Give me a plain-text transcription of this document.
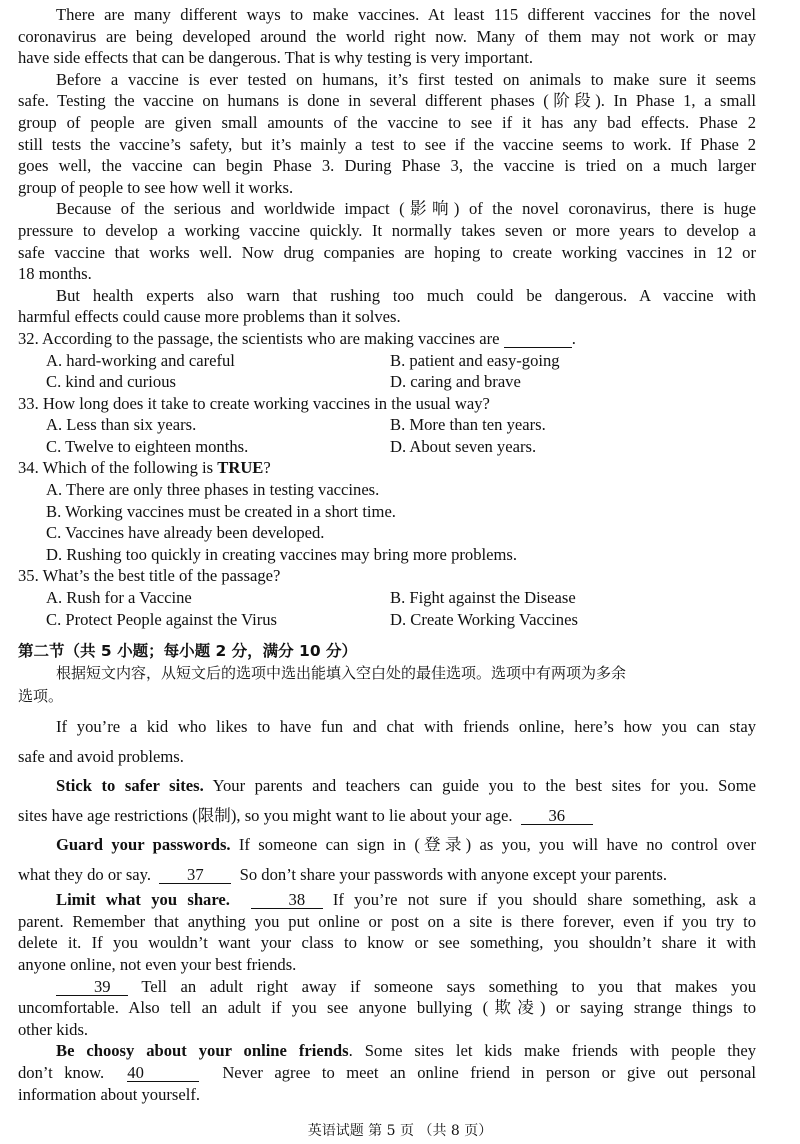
There are many different ways to make vaccines. At least 115 different vaccines for the novel
coronavirus are being developed around the world right now. Many of them may not work or may
have side effects that can be dangerous. That is why testing is very important.
Before a vaccine is ever tested on humans, it’s first tested on animals to make sure it seems
safe. Testing the vaccine on humans is done in several different phases (阶段). In Phase 1, a small
group of people are given small amounts of the vaccine to see if it has any bad effects. Phase 2
still tests the vaccine’s safety, but it’s mainly a test to see if the vaccine seems to work. If Phase 2
goes well, the vaccine can begin Phase 3. During Phase 3, the vaccine is tried on a much larger
group of people to see how well it works.
Because of the serious and worldwide impact (影响) of the novel coronavirus, there is huge
pressure to develop a working vaccine quickly. It normally takes seven or more years to develop a
safe vaccine that works well. Now drug companies are hoping to create working vaccines in 12 or
18 months.
But health experts also warn that rushing too much could be dangerous. A vaccine with
harmful effects could cause more problems than it solves.
32. According to the passage, the scientists who are making vaccines are	.
A. hard-working and careful	B. patient and easy-going
C. kind and curious	D. caring and brave
33. How long does it take to create working vaccines in the usual way?
A. Less than six years.	B. More than ten years.
C. Twelve to eighteen months.	D. About seven years.
34. Which of the following is TRUE?
A. There are only three phases in testing vaccines.
B. Working vaccines must be created in a short time.
C. Vaccines have already been developed.
D. Rushing too quickly in creating vaccines may bring more problems.
35. What’s the best title of the passage?
A. Rush for a Vaccine	B. Fight against the Disease
C. Protect People against the Virus	D. Create Working Vaccines
第二节（共 5 小题；每小题 2 分，满分 10 分）
根据短文内容，从短文后的选项中选出能填入空白处的最佳选项。选项中有两项为多余
选项。
If you’re a kid who likes to have fun and chat with friends online, here’s how you can stay
safe and avoid problems.
Stick to safer sites. Your parents and teachers can guide you to the best sites for you. Some
sites have age restrictions (限制), so you might want to lie about your age. 36
Guard your passwords. If someone can sign in (登录) as you, you will have no control over
what they do or say. 37 So don’t share your passwords with anyone except your parents.
Limit what you share.	38 If you’re not sure if you should share something, ask a
parent. Remember that anything you put online or post on a site is there forever, even if you try to
delete it. If you wouldn’t want your class to know or see something, you shouldn’t share it with
anyone online, not even your best friends.
39 Tell an adult right away if someone says something to you that makes you
uncomfortable. Also tell an adult if you see anyone bullying (欺凌) or saying strange things to
other kids.
Be choosy about your online friends. Some sites let kids make friends with people they
don’t know. 40	Never agree to meet an online friend in person or give out personal
information about yourself.
英语试题 第 5 页 （共 8 页）
